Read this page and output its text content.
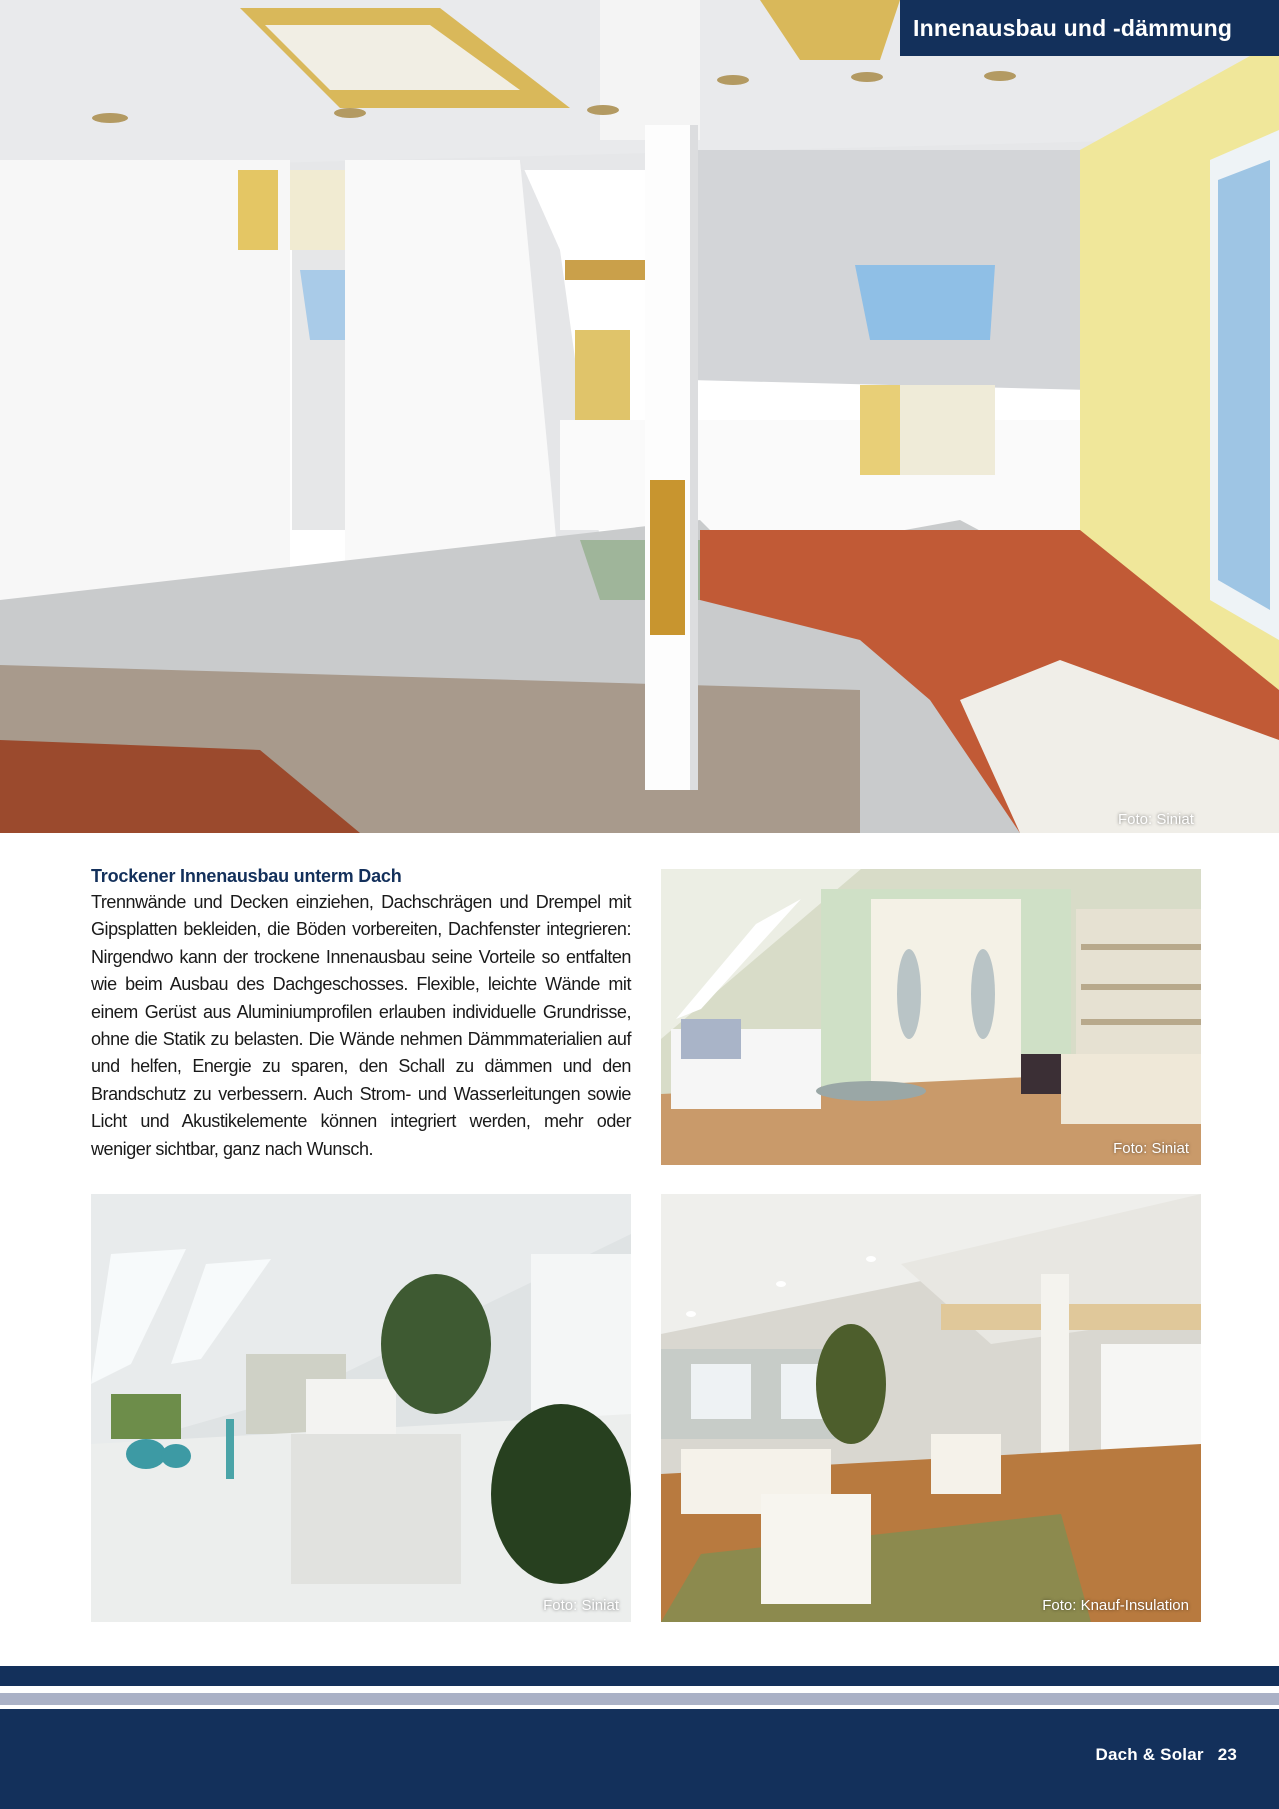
Innenausbau und -dämmung
Foto: Siniat
Trockener Innenausbau unterm Dach

Trennwände und Decken einziehen, Dachschrägen und Drempel mit Gipsplatten bekleiden, die Böden vorbereiten, Dachfenster integrieren: Nirgendwo kann der trockene Innenausbau seine Vorteile so entfalten wie beim Ausbau des Dachgeschosses. Flexible, leichte Wände mit einem Gerüst aus Aluminiumprofilen erlauben individuelle Grundrisse, ohne die Statik zu belasten. Die Wände nehmen Dämmmaterialien auf und helfen, Energie zu sparen, den Schall zu dämmen und den Brandschutz zu verbessern. Auch Strom- und Wasserleitungen sowie Licht und Akustikelemente können integriert werden, mehr oder weniger sichtbar, ganz nach Wunsch.	Foto: Siniat
Foto: Siniat	Foto: Knauf-Insulation
Dach & Solar 23
